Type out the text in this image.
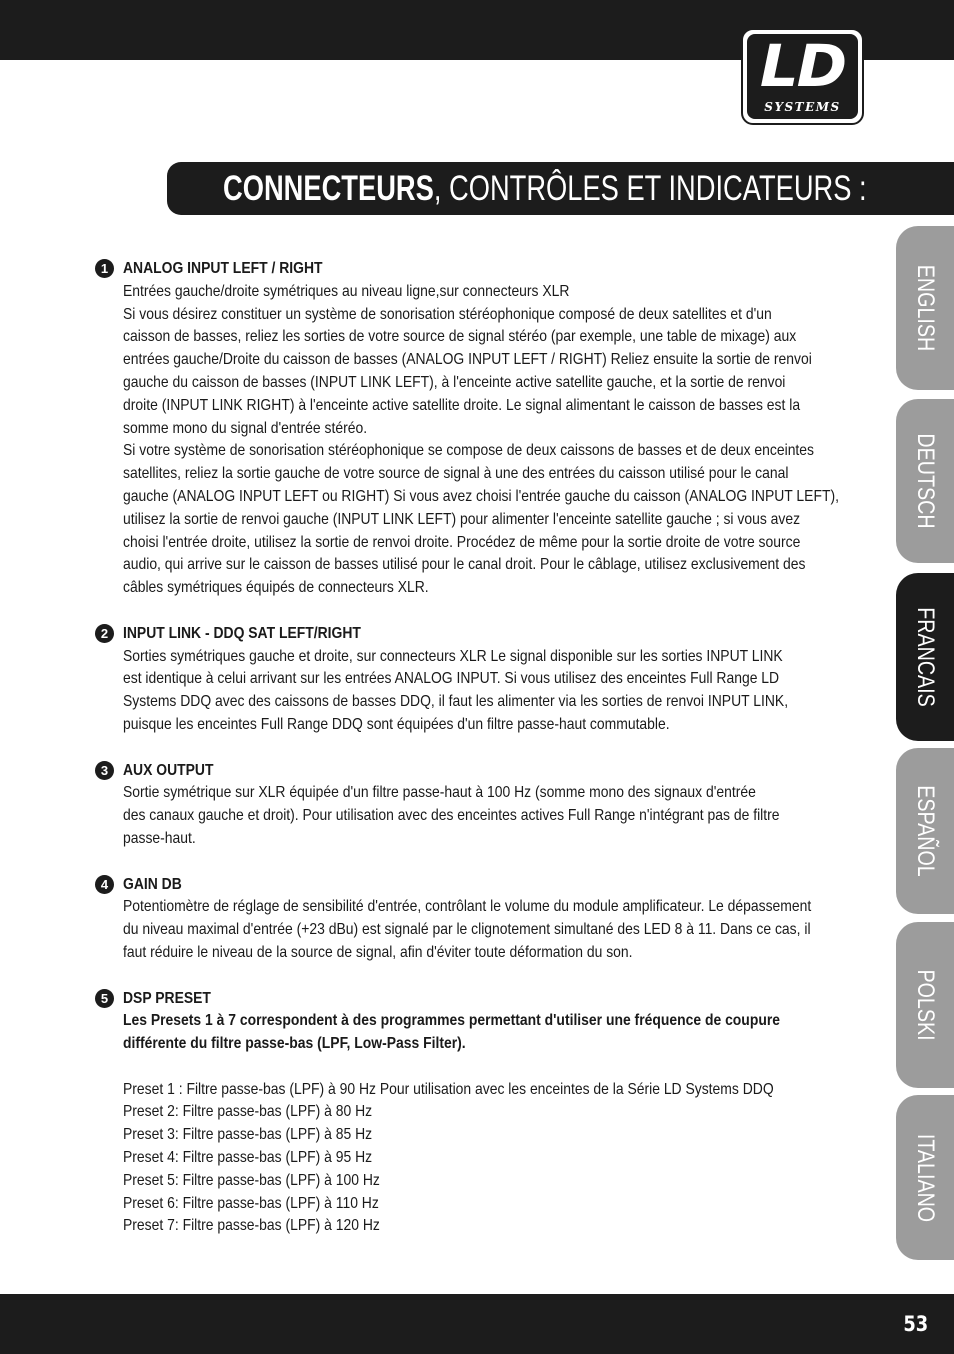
LD
SYSTEMS
CONNECTEURS, CONTRÔLES ET INDICATEURS :
ENGLISH
DEUTSCH
FRANCAIS
ESPAÑOL
POLSKI
ITALIANO
1 ANALOG INPUT LEFT / RIGHT
Entrées gauche/droite symétriques au niveau ligne,sur connecteurs XLR
Si vous désirez constituer un système de sonorisation stéréophonique composé de deux satellites et d'un
caisson de basses, reliez les sorties de votre source de signal stéréo (par exemple, une table de mixage) aux
entrées gauche/Droite du caisson de basses (ANALOG INPUT LEFT / RIGHT) Reliez ensuite la sortie de renvoi
gauche du caisson de basses (INPUT LINK LEFT), à l'enceinte active satellite gauche, et la sortie de renvoi
droite (INPUT LINK RIGHT) à l'enceinte active satellite droite. Le signal alimentant le caisson de basses est la
somme mono du signal d'entrée stéréo.
Si votre système de sonorisation stéréophonique se compose de deux caissons de basses et de deux enceintes
satellites, reliez la sortie gauche de votre source de signal à une des entrées du caisson utilisé pour le canal
gauche (ANALOG INPUT LEFT ou RIGHT) Si vous avez choisi l'entrée gauche du caisson (ANALOG INPUT LEFT),
utilisez la sortie de renvoi gauche (INPUT LINK LEFT) pour alimenter l'enceinte satellite gauche ; si vous avez
choisi l'entrée droite, utilisez la sortie de renvoi droite. Procédez de même pour la sortie droite de votre source
audio, qui arrive sur le caisson de basses utilisé pour le canal droit. Pour le câblage, utilisez exclusivement des
câbles symétriques équipés de connecteurs XLR.
2 INPUT LINK - DDQ SAT LEFT/RIGHT
Sorties symétriques gauche et droite, sur connecteurs XLR Le signal disponible sur les sorties INPUT LINK
est identique à celui arrivant sur les entrées ANALOG INPUT. Si vous utilisez des enceintes Full Range LD
Systems DDQ avec des caissons de basses DDQ, il faut les alimenter via les sorties de renvoi INPUT LINK,
puisque les enceintes Full Range DDQ sont équipées d'un filtre passe-haut commutable.
3 AUX OUTPUT
Sortie symétrique sur XLR équipée d'un filtre passe-haut à 100 Hz (somme mono des signaux d'entrée
des canaux gauche et droit). Pour utilisation avec des enceintes actives Full Range n'intégrant pas de filtre
passe-haut.
4 GAIN DB
Potentiomètre de réglage de sensibilité d'entrée, contrôlant le volume du module amplificateur. Le dépassement
du niveau maximal d'entrée (+23 dBu) est signalé par le clignotement simultané des LED 8 à 11. Dans ce cas, il
faut réduire le niveau de la source de signal, afin d'éviter toute déformation du son.
5 DSP PRESET
Les Presets 1 à 7 correspondent à des programmes permettant d'utiliser une fréquence de coupure
différente du filtre passe-bas (LPF, Low-Pass Filter).
Preset 1 : Filtre passe-bas (LPF) à 90 Hz Pour utilisation avec les enceintes de la Série LD Systems DDQ
Preset 2: Filtre passe-bas (LPF) à 80 Hz
Preset 3: Filtre passe-bas (LPF) à 85 Hz
Preset 4: Filtre passe-bas (LPF) à 95 Hz
Preset 5: Filtre passe-bas (LPF) à 100 Hz
Preset 6: Filtre passe-bas (LPF) à 110 Hz
Preset 7: Filtre passe-bas (LPF) à 120 Hz
53
